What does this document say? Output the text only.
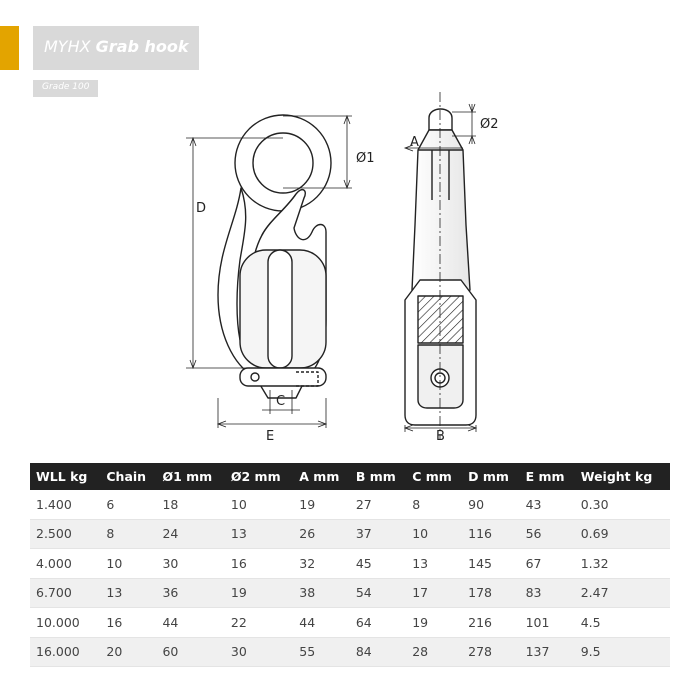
MYHX Grab hook
Grade 100
D
Ø1
E
C
A
Ø2
B
WLL kg	Chain	Ø1 mm	Ø2 mm	A mm	B mm	C mm	D mm	E mm	Weight kg
1.400	6	18	10	19	27	8	90	43	0.30
2.500	8	24	13	26	37	10	116	56	0.69
4.000	10	30	16	32	45	13	145	67	1.32
6.700	13	36	19	38	54	17	178	83	2.47
10.000	16	44	22	44	64	19	216	101	4.5
16.000	20	60	30	55	84	28	278	137	9.5
